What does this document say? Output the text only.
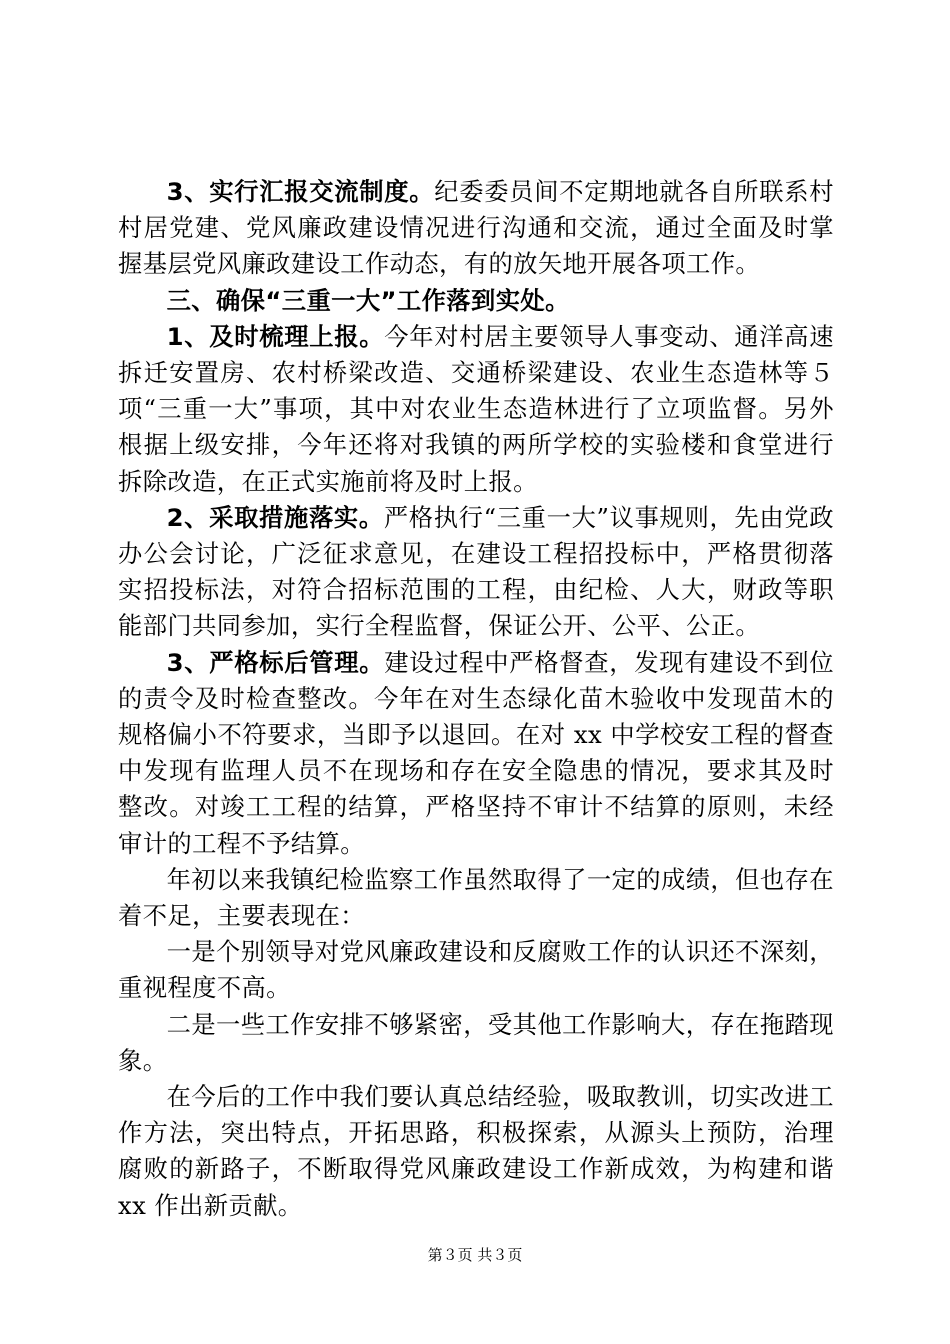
3、实行汇报交流制度。纪委委员间不定期地就各自所联系村村居党建、党风廉政建设情况进行沟通和交流，通过全面及时掌握基层党风廉政建设工作动态，有的放矢地开展各项工作。

三、确保“三重一大”工作落到实处。

1、及时梳理上报。今年对村居主要领导人事变动、通洋高速拆迁安置房、农村桥梁改造、交通桥梁建设、农业生态造林等５项“三重一大”事项，其中对农业生态造林进行了立项监督。另外根据上级安排，今年还将对我镇的两所学校的实验楼和食堂进行拆除改造，在正式实施前将及时上报。

2、采取措施落实。严格执行“三重一大”议事规则，先由党政办公会讨论，广泛征求意见，在建设工程招投标中，严格贯彻落实招投标法，对符合招标范围的工程，由纪检、人大，财政等职能部门共同参加，实行全程监督，保证公开、公平、公正。

3、严格标后管理。建设过程中严格督查，发现有建设不到位的责令及时检查整改。今年在对生态绿化苗木验收中发现苗木的规格偏小不符要求，当即予以退回。在对 xx 中学校安工程的督查中发现有监理人员不在现场和存在安全隐患的情况，要求其及时整改。对竣工工程的结算，严格坚持不审计不结算的原则，未经审计的工程不予结算。

年初以来我镇纪检监察工作虽然取得了一定的成绩，但也存在着不足，主要表现在：

一是个别领导对党风廉政建设和反腐败工作的认识还不深刻，重视程度不高。

二是一些工作安排不够紧密，受其他工作影响大，存在拖踏现象。

在今后的工作中我们要认真总结经验，吸取教训，切实改进工作方法，突出特点，开拓思路，积极探索，从源头上预防，治理腐败的新路子，不断取得党风廉政建设工作新成效，为构建和谐 xx 作出新贡献。

第３页 共３页
